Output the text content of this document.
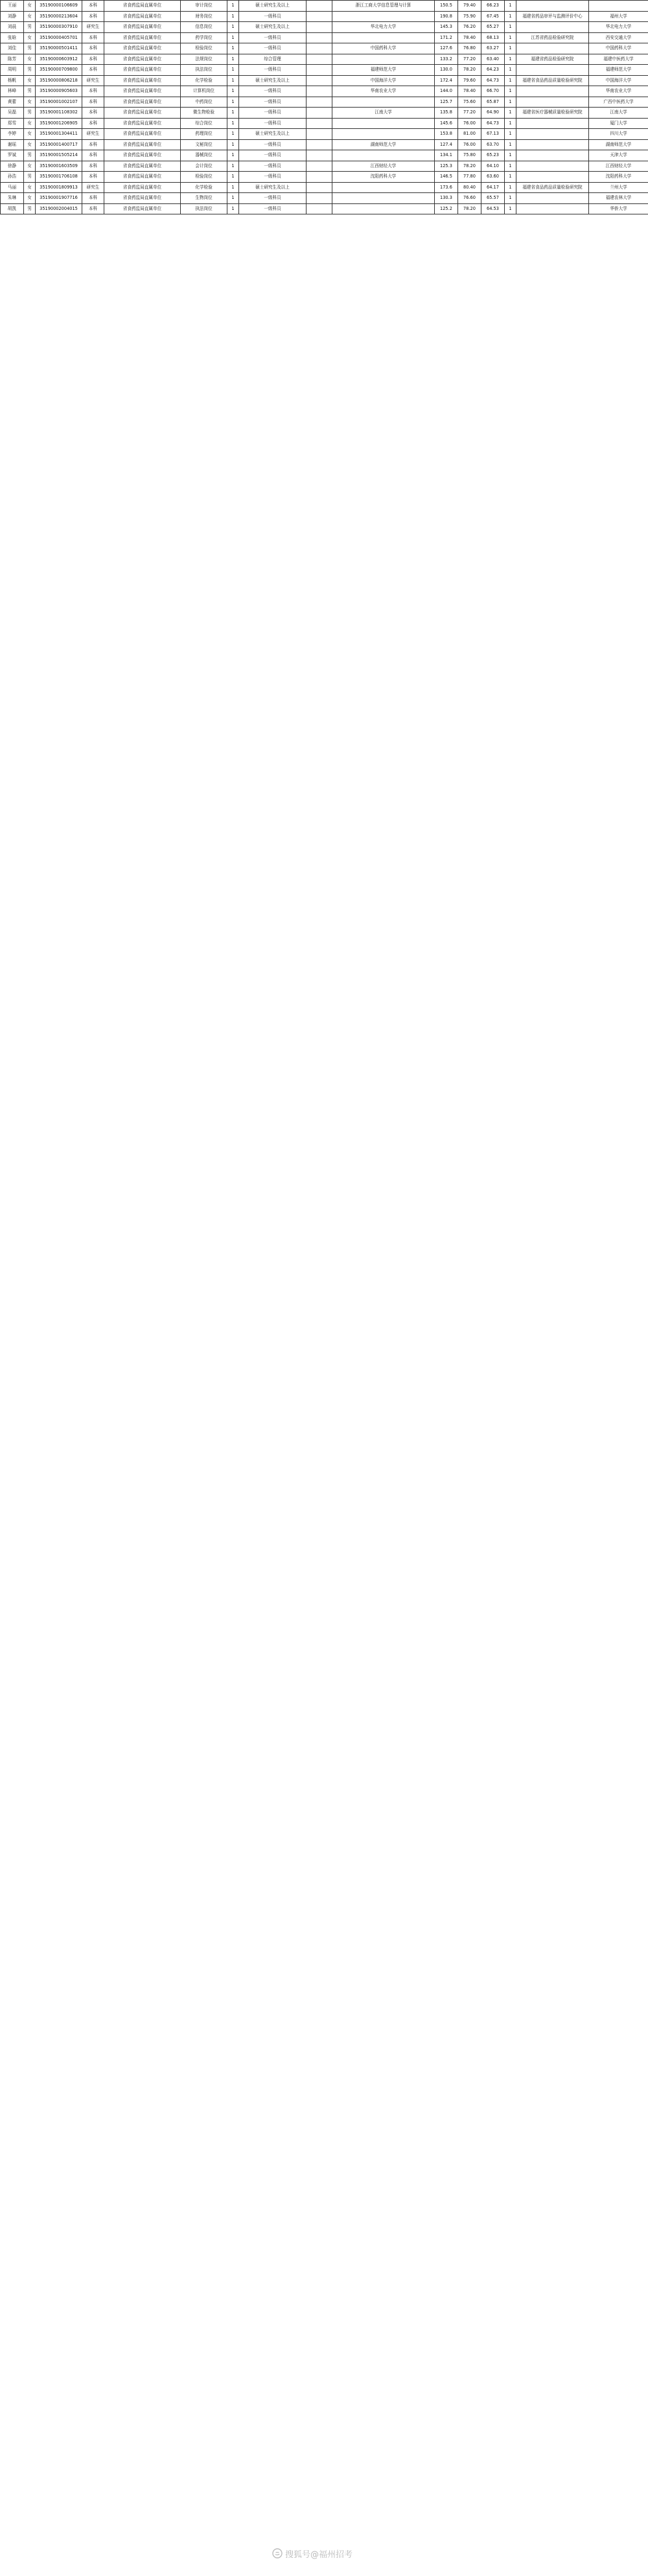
王丽	女	35190000106609	本科	省食药监局直属单位	审计岗位	1	硕士研究生及以上		浙江工商大学信息管理与计算	150.5	79.40	66.23	1		
刘静	女	35190000213604	本科	省食药监局直属单位	财务岗位	1	一级科员			190.8	75.90	67.45	1	福建省药品审评与监测评价中心	福州大学
刘晨	男	35190000307910	研究生	省食药监局直属单位	信息岗位	1	硕士研究生及以上		华北电力大学	145.3	76.20	65.27	1		华北电力大学
张晗	女	35190000405701	本科	省食药监局直属单位	药学岗位	1	一级科员			171.2	78.40	68.13	1	江苏省药品检验研究院	西安交通大学
刘佳	男	35190000501411	本科	省食药监局直属单位	检验岗位	1	一级科员		中国药科大学	127.6	76.80	63.27	1		中国药科大学
陈芳	女	35190000603912	本科	省食药监局直属单位	法规岗位	1	综合管理			133.2	77.20	63.40	1	福建省药品检验研究院	福建中医药大学
周明	男	35190000709800	本科	省食药监局直属单位	执法岗位	1	一级科员		福建师范大学	130.0	78.20	64.23	1		福建师范大学
杨帆	女	35190000806218	研究生	省食药监局直属单位	化学检验	1	硕士研究生及以上		中国海洋大学	172.4	79.60	64.73	1	福建省食品药品质量检验研究院	中国海洋大学
林峰	男	35190000905603	本科	省食药监局直属单位	计算机岗位	1	一级科员		华南农业大学	144.0	78.40	66.70	1		华南农业大学
黄蕾	女	35190001002107	本科	省食药监局直属单位	中药岗位	1	一级科员			125.7	75.60	65.87	1		广西中医药大学
吴磊	男	35190001108302	本科	省食药监局直属单位	微生物检验	1	一级科员		江南大学	135.8	77.20	64.90	1	福建省医疗器械质量检验研究院	江南大学
郑雪	女	35190001206905	本科	省食药监局直属单位	综合岗位	1	一级科员			145.6	76.00	64.73	1		厦门大学
李婷	女	35190001304411	研究生	省食药监局直属单位	药理岗位	1	硕士研究生及以上			153.8	81.00	67.13	1		四川大学
谢瑶	女	35190001400717	本科	省食药监局直属单位	文秘岗位	1	一级科员		湖南师范大学	127.4	76.00	63.70	1		湖南师范大学
罗斌	男	35190001505214	本科	省食药监局直属单位	器械岗位	1	一级科员			134.1	75.80	65.23	1		天津大学
徐静	女	35190001603509	本科	省食药监局直属单位	会计岗位	1	一级科员		江西财经大学	125.3	78.20	64.10	1		江西财经大学
孙浩	男	35190001706108	本科	省食药监局直属单位	检验岗位	1	一级科员		沈阳药科大学	146.5	77.80	63.60	1		沈阳药科大学
马丽	女	35190001809913	研究生	省食药监局直属单位	化学检验	1	硕士研究生及以上			173.6	80.40	64.17	1	福建省食品药品质量检验研究院	兰州大学
朱琳	女	35190001907716	本科	省食药监局直属单位	生物岗位	1	一级科员			130.3	76.60	65.57	1		福建农林大学
胡凯	男	35190002004015	本科	省食药监局直属单位	执法岗位	1	一级科员			125.2	78.20	64.53	1		华侨大学
搜狐号@福州招考
